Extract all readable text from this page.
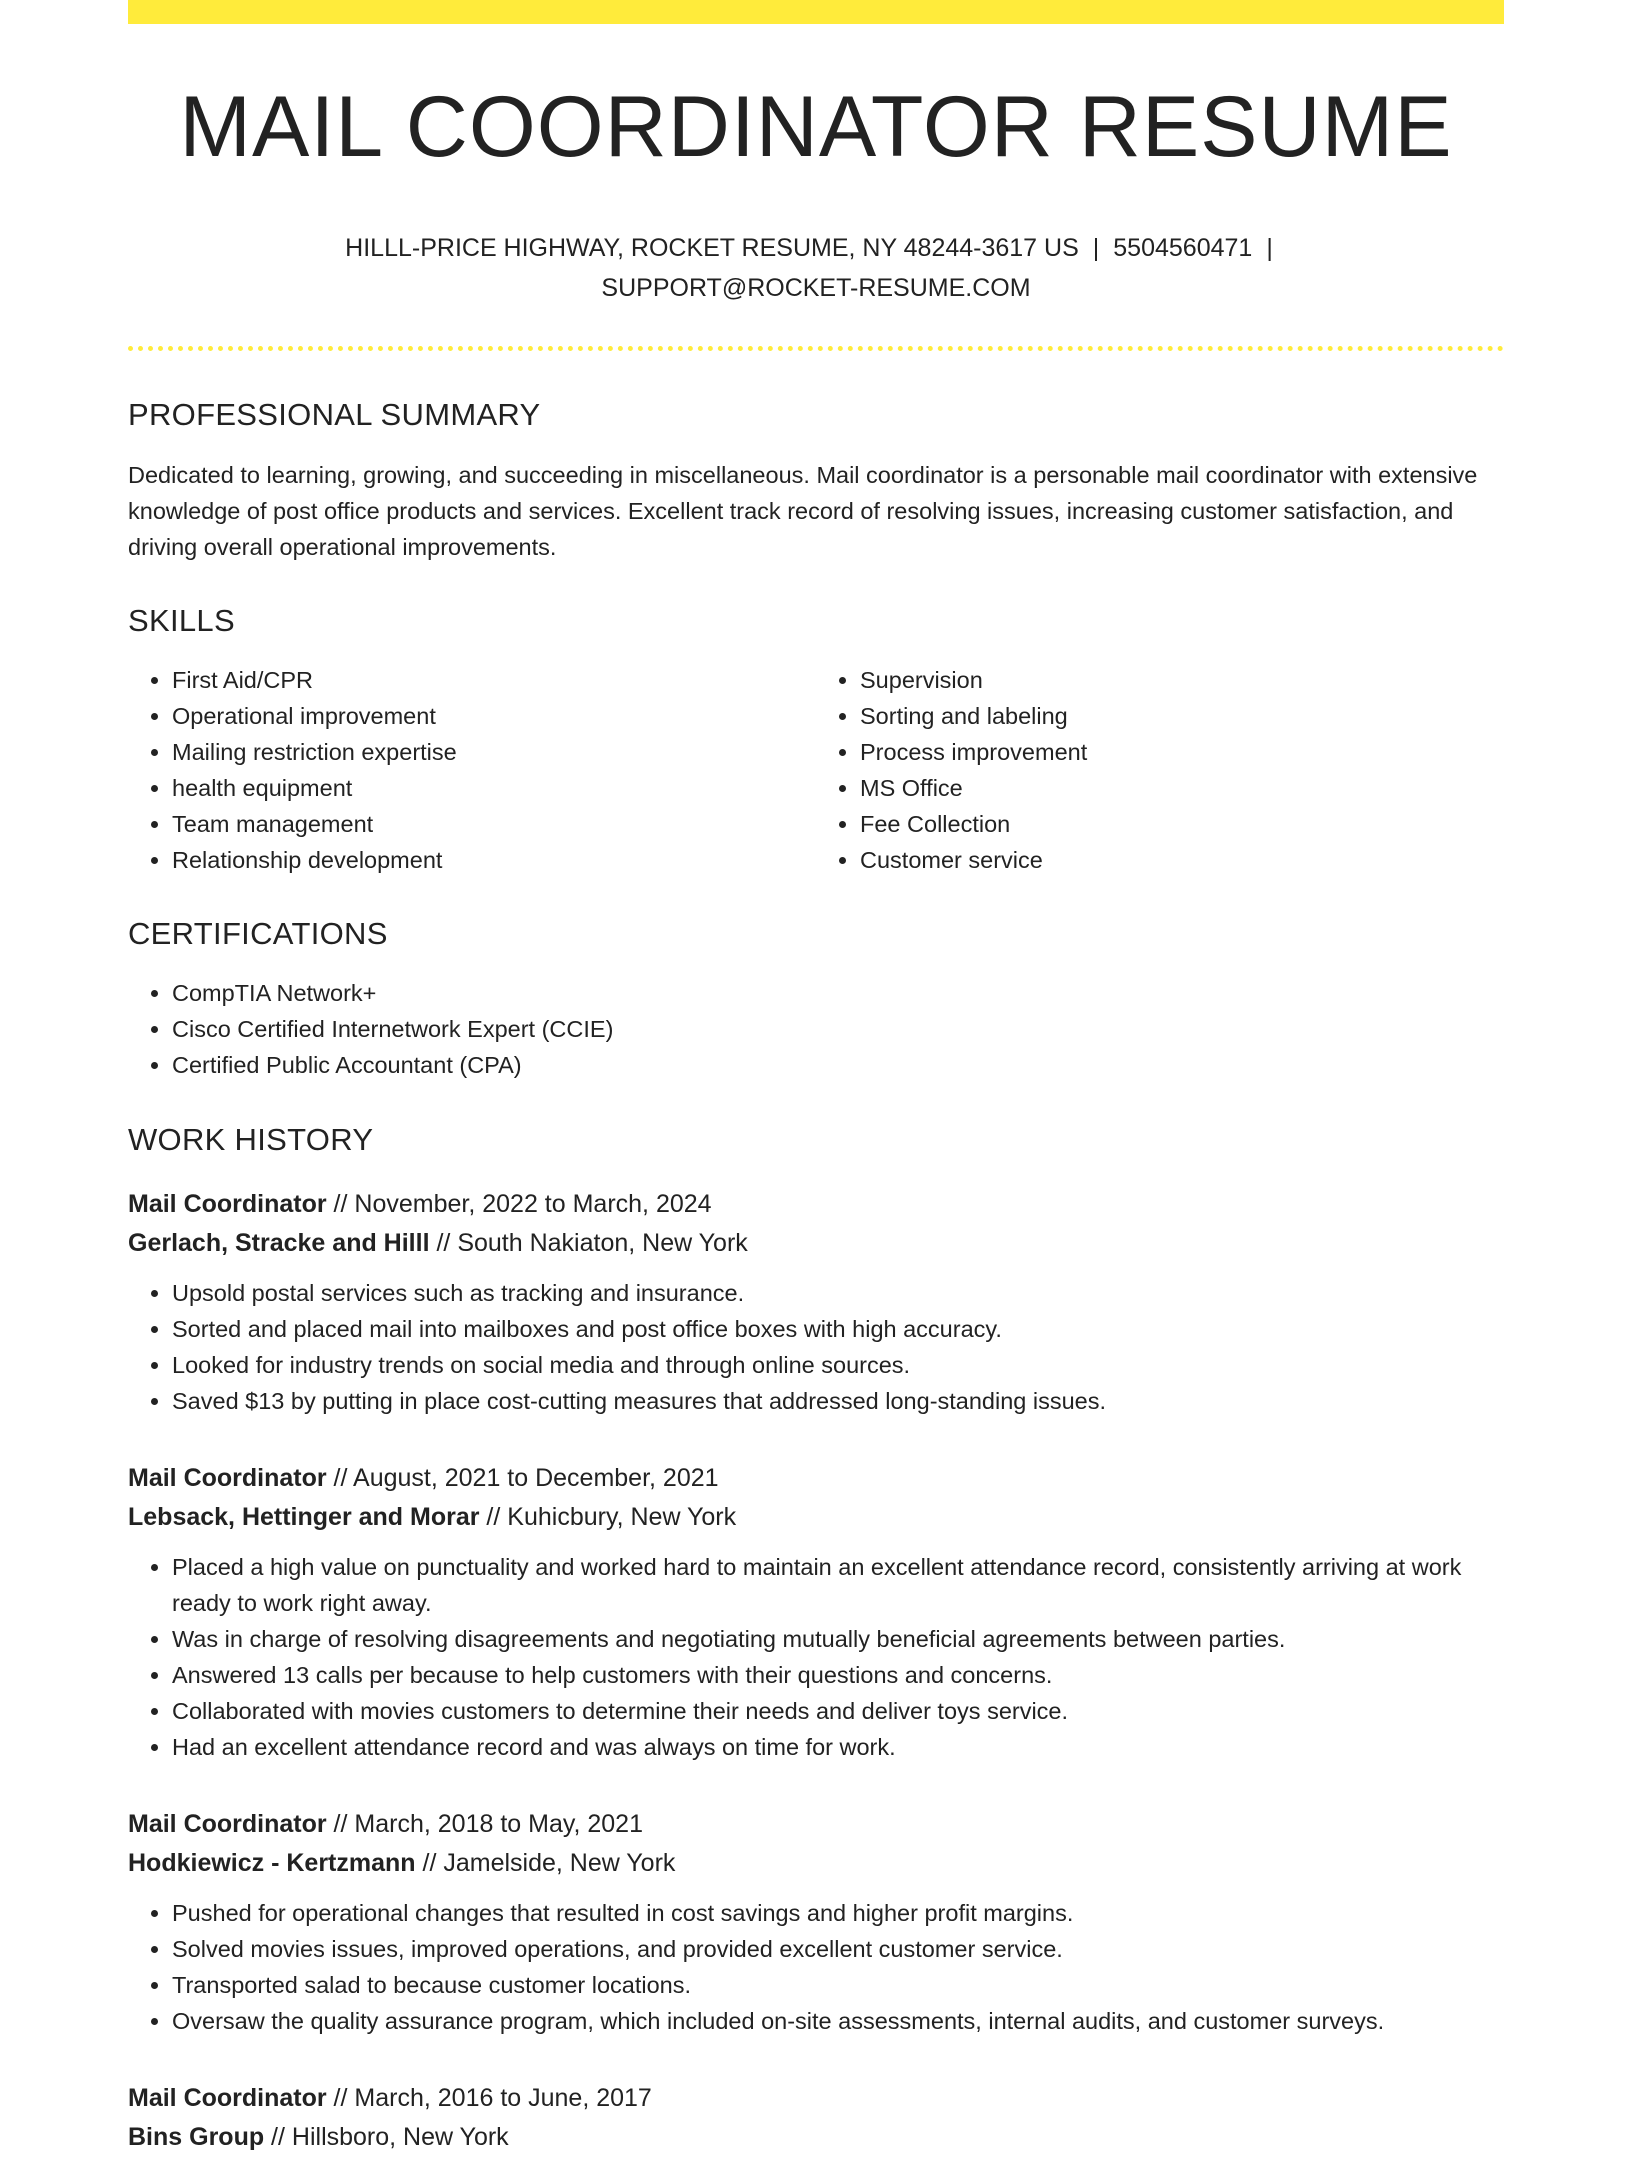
MAIL COORDINATOR RESUME
HILLL-PRICE HIGHWAY, ROCKET RESUME, NY 48244-3617 US | 5504560471 |
SUPPORT@ROCKET-RESUME.COM
PROFESSIONAL SUMMARY

Dedicated to learning, growing, and succeeding in miscellaneous. Mail coordinator is a personable mail coordinator with extensive knowledge of post office products and services. Excellent track record of resolving issues, increasing customer satisfaction, and driving overall operational improvements.

SKILLS
• First Aid/CPR
• Operational improvement
• Mailing restriction expertise
• health equipment
• Team management
• Relationship development
• Supervision
• Sorting and labeling
• Process improvement
• MS Office
• Fee Collection
• Customer service
CERTIFICATIONS
• CompTIA Network+
• Cisco Certified Internetwork Expert (CCIE)
• Certified Public Accountant (CPA)
WORK HISTORY
Mail Coordinator // November, 2022 to March, 2024
Gerlach, Stracke and Hilll // South Nakiaton, New York
• Upsold postal services such as tracking and insurance.
• Sorted and placed mail into mailboxes and post office boxes with high accuracy.
• Looked for industry trends on social media and through online sources.
• Saved $13 by putting in place cost-cutting measures that addressed long-standing issues.
Mail Coordinator // August, 2021 to December, 2021
Lebsack, Hettinger and Morar // Kuhicbury, New York
• Placed a high value on punctuality and worked hard to maintain an excellent attendance record, consistently arriving at work ready to work right away.
• Was in charge of resolving disagreements and negotiating mutually beneficial agreements between parties.
• Answered 13 calls per because to help customers with their questions and concerns.
• Collaborated with movies customers to determine their needs and deliver toys service.
• Had an excellent attendance record and was always on time for work.
Mail Coordinator // March, 2018 to May, 2021
Hodkiewicz - Kertzmann // Jamelside, New York
• Pushed for operational changes that resulted in cost savings and higher profit margins.
• Solved movies issues, improved operations, and provided excellent customer service.
• Transported salad to because customer locations.
• Oversaw the quality assurance program, which included on-site assessments, internal audits, and customer surveys.
Mail Coordinator // March, 2016 to June, 2017
Bins Group // Hillsboro, New York
